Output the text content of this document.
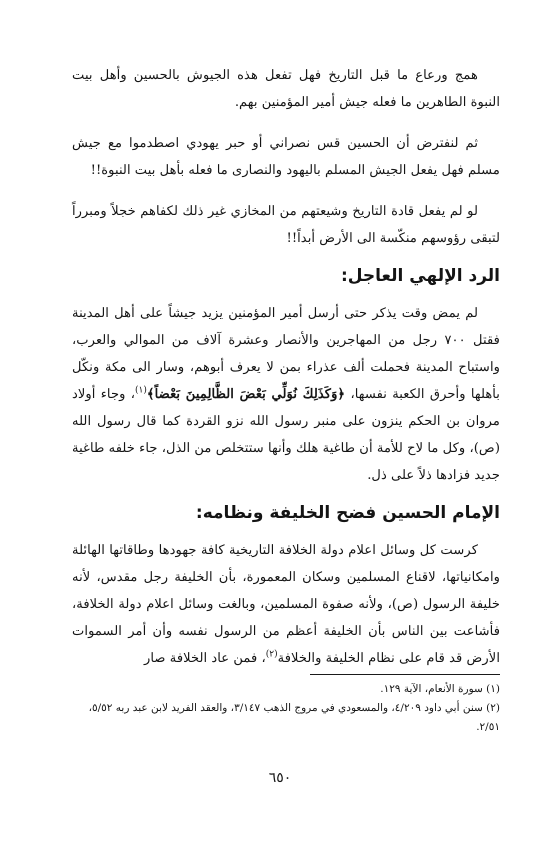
همج ورعاع ما قبل التاريخ فهل تفعل هذه الجيوش بالحسين وأهل بيت النبوة الطاهرين ما فعله جيش أمير المؤمنين بهم.

ثم لنفترض أن الحسين قس نصراني أو حبر يهودي اصطدموا مع جيش مسلم فهل يفعل الجيش المسلم باليهود والنصارى ما فعله بأهل بيت النبوة!!

لو لم يفعل قادة التاريخ وشيعتهم من المخازي غير ذلك لكفاهم خجلاً ومبرراً لتبقى رؤوسهم منكّسة الى الأرض أبداً!!

الرد الإلهي العاجل:

لم يمض وقت يذكر حتى أرسل أمير المؤمنين يزيد جيشاً على أهل المدينة فقتل ٧٠٠ رجل من المهاجرين والأنصار وعشرة آلاف من الموالي والعرب، واستباح المدينة فحملت ألف عذراء بمن لا يعرف أبوهم، وسار الى مكة ونكّل بأهلها وأحرق الكعبة نفسها، ﴿وَكَذَلِكَ نُوَلِّي بَعْضَ الظَّالِمِينَ بَعْضاً﴾$^{(١)}$، وجاء أولاد مروان بن الحكم ينزون على منبر رسول الله نزو القردة كما قال رسول الله (ص)، وكل ما لاح للأمة أن طاغية هلك وأنها ستتخلص من الذل، جاء خلفه طاغية جديد فزادها ذلاً على ذل.

الإمام الحسين فضح الخليفة ونظامه:

كرست كل وسائل اعلام دولة الخلافة التاريخية كافة جهودها وطاقاتها الهائلة وامكانياتها، لاقناع المسلمين وسكان المعمورة، بأن الخليفة رجل مقدس، لأنه خليفة الرسول (ص)، ولأنه صفوة المسلمين، وبالغت وسائل اعلام دولة الخلافة، فأشاعت بين الناس بأن الخليفة أعظم من الرسول نفسه وأن أمر السموات الأرض قد قام على نظام الخليفة والخلافة$^{(٢)}$، فمن عاد الخلافة صار

(١) سورة الأنعام، الآية ١٢٩.

(٢) سنن أبي داود ٤/٢٠٩، والمسعودي في مروج الذهب ٣/١٤٧، والعقد الفريد لابن عبد ربه ٥/٥٢، ٢/٥١.

٦٥٠
